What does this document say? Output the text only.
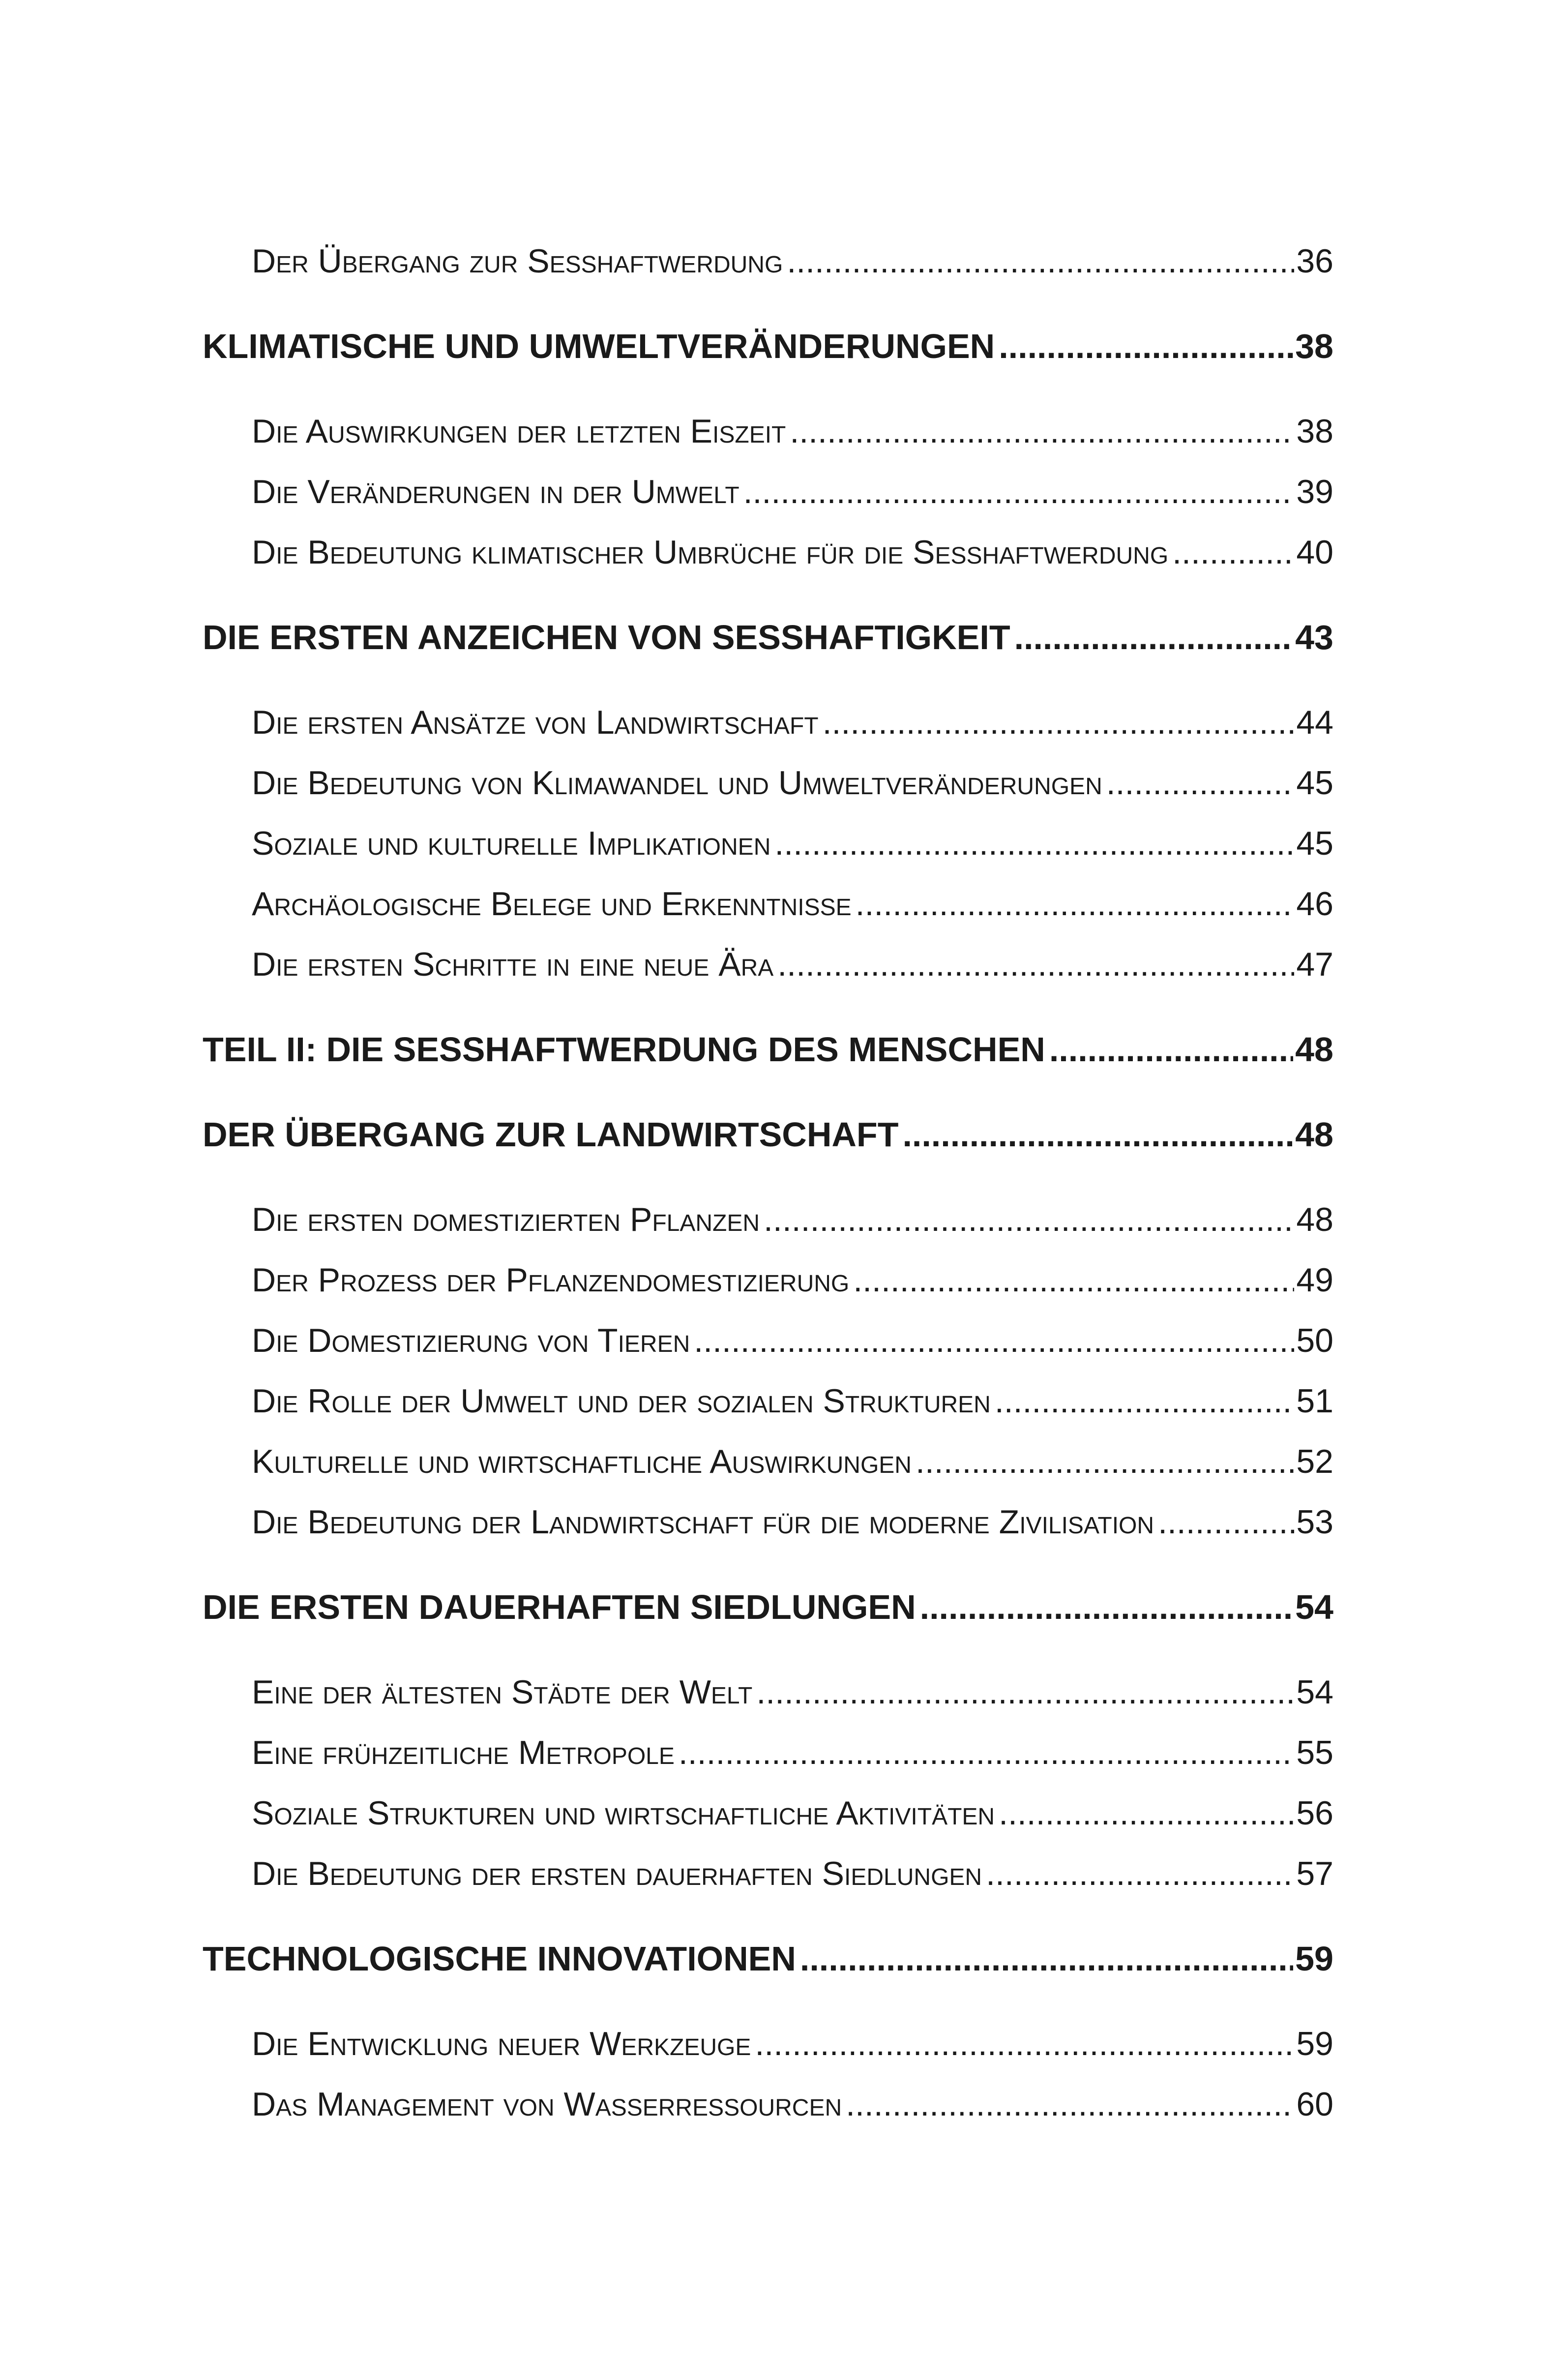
Der Übergang zur Sesshaftwerdung .....	36
KLIMATISCHE UND UMWELTVERÄNDERUNGEN .....	38
Die Auswirkungen der letzten Eiszeit .....	38
Die Veränderungen in der Umwelt .....	39
Die Bedeutung klimatischer Umbrüche für die Sesshaftwerdung .....	40
DIE ERSTEN ANZEICHEN VON SESSHAFTIGKEIT .....	43
Die ersten Ansätze von Landwirtschaft .....	44
Die Bedeutung von Klimawandel und Umweltveränderungen .....	45
Soziale und kulturelle Implikationen .....	45
Archäologische Belege und Erkenntnisse .....	46
Die ersten Schritte in eine neue Ära .....	47
TEIL II: DIE SESSHAFTWERDUNG DES MENSCHEN .....	48
DER ÜBERGANG ZUR LANDWIRTSCHAFT .....	48
Die ersten domestizierten Pflanzen .....	48
Der Prozess der Pflanzendomestizierung .....	49
Die Domestizierung von Tieren .....	50
Die Rolle der Umwelt und der sozialen Strukturen .....	51
Kulturelle und wirtschaftliche Auswirkungen .....	52
Die Bedeutung der Landwirtschaft für die moderne Zivilisation .....	53
DIE ERSTEN DAUERHAFTEN SIEDLUNGEN .....	54
Eine der ältesten Städte der Welt .....	54
Eine frühzeitliche Metropole .....	55
Soziale Strukturen und wirtschaftliche Aktivitäten .....	56
Die Bedeutung der ersten dauerhaften Siedlungen .....	57
TECHNOLOGISCHE INNOVATIONEN .....	59
Die Entwicklung neuer Werkzeuge .....	59
Das Management von Wasserressourcen .....	60
